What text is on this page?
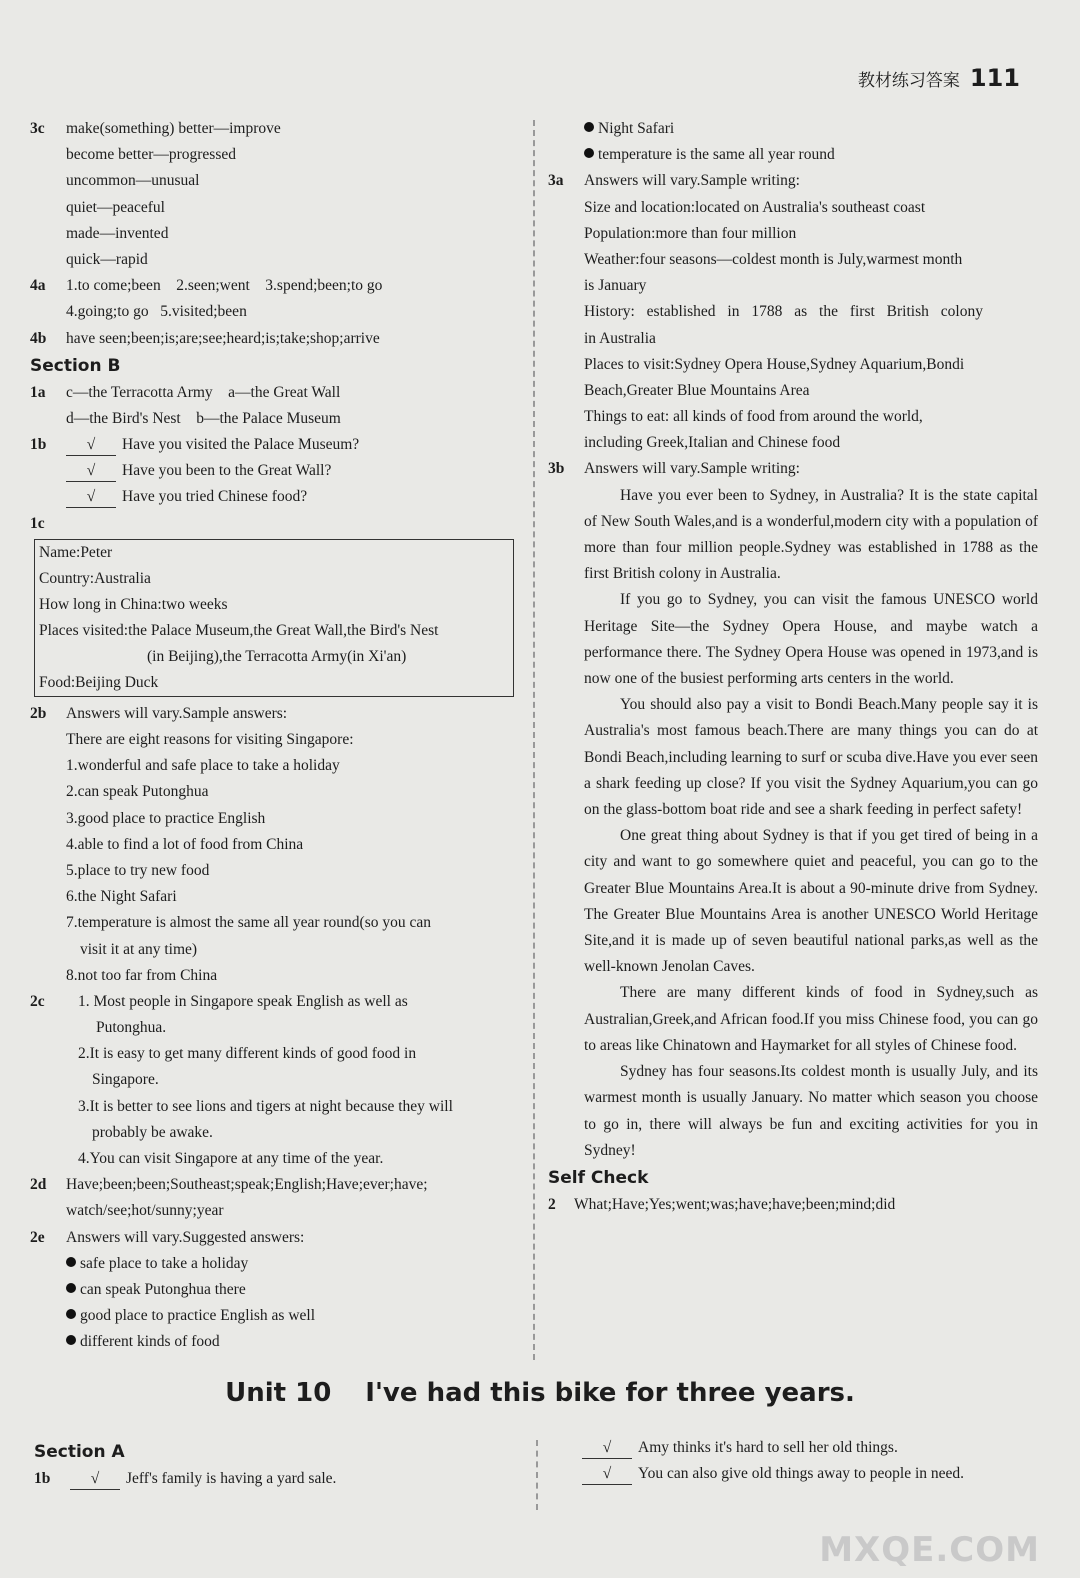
教材练习答案 111
3c make(something) better—improve
become better—progressed
uncommon—unusual
quiet—peaceful
made—invented
quick—rapid
4a 1.to come;been    2.seen;went    3.spend;been;to go
4.going;to go   5.visited;been
4b have seen;been;is;are;see;heard;is;take;shop;arrive
Section B
1a c—the Terracotta Army    a—the Great Wall
d—the Bird's Nest    b—the Palace Museum
1b	√ Have you visited the Palace Museum?
√ Have you been to the Great Wall?
√ Have you tried Chinese food?
1c
Name:Peter
Country:Australia
How long in China:two weeks
Places visited:the Palace Museum,the Great Wall,the Bird's Nest
(in Beijing),the Terracotta Army(in Xi'an)
Food:Beijing Duck
2b Answers will vary.Sample answers:
There are eight reasons for visiting Singapore:
1.wonderful and safe place to take a holiday
2.can speak Putonghua
3.good place to practice English
4.able to find a lot of food from China
5.place to try new food
6.the Night Safari
7.temperature is almost the same all year round(so you can
visit it at any time)
8.not too far from China
2c 1. Most people in Singapore speak English as well as
Putonghua.
2.It is easy to get many different kinds of good food in
Singapore.
3.It is better to see lions and tigers at night because they will
probably be awake.
4.You can visit Singapore at any time of the year.
2d Have;been;been;Southeast;speak;English;Have;ever;have;
watch/see;hot/sunny;year
2e Answers will vary.Suggested answers:
safe place to take a holiday
can speak Putonghua there
good place to practice English as well
different kinds of food
Night Safari
temperature is the same all year round
3a Answers will vary.Sample writing:
Size and location:located on Australia's southeast coast
Population:more than four million
Weather:four seasons—coldest month is July,warmest month
is January
History: established in 1788 as the first British colony
in Australia
Places to visit:Sydney Opera House,Sydney Aquarium,Bondi
Beach,Greater Blue Mountains Area
Things to eat: all kinds of food from around the world,
including Greek,Italian and Chinese food
3b Answers will vary.Sample writing:
Have you ever been to Sydney, in Australia? It is the state capital of New South Wales,and is a wonderful,modern city with a population of more than four million people.Sydney was established in 1788 as the first British colony in Australia.
If you go to Sydney, you can visit the famous UNESCO world Heritage Site—the Sydney Opera House, and maybe watch a performance there. The Sydney Opera House was opened in 1973,and is now one of the busiest performing arts centers in the world.
You should also pay a visit to Bondi Beach.Many people say it is Australia's most famous beach.There are many things you can do at Bondi Beach,including learning to surf or scuba dive.Have you ever seen a shark feeding up close? If you visit the Sydney Aquarium,you can go on the glass-bottom boat ride and see a shark feeding in perfect safety!
One great thing about Sydney is that if you get tired of being in a city and want to go somewhere quiet and peaceful, you can go to the Greater Blue Mountains Area.It is about a 90-minute drive from Sydney. The Greater Blue Mountains Area is another UNESCO World Heritage Site,and it is made up of seven beautiful national parks,as well as the well-known Jenolan Caves.
There are many different kinds of food in Sydney,such as Australian,Greek,and African food.If you miss Chinese food, you can go to areas like Chinatown and Haymarket for all styles of Chinese food.
Sydney has four seasons.Its coldest month is usually July, and its warmest month is usually January. No matter which season you choose to go in, there will always be fun and exciting activities for you in Sydney!
Self Check
2 What;Have;Yes;went;was;have;have;been;mind;did
Unit 10 I've had this bike for three years.
Section A
1b	√ Jeff's family is having a yard sale.
√ Amy thinks it's hard to sell her old things.
√ You can also give old things away to people in need.
MXQE.COM
